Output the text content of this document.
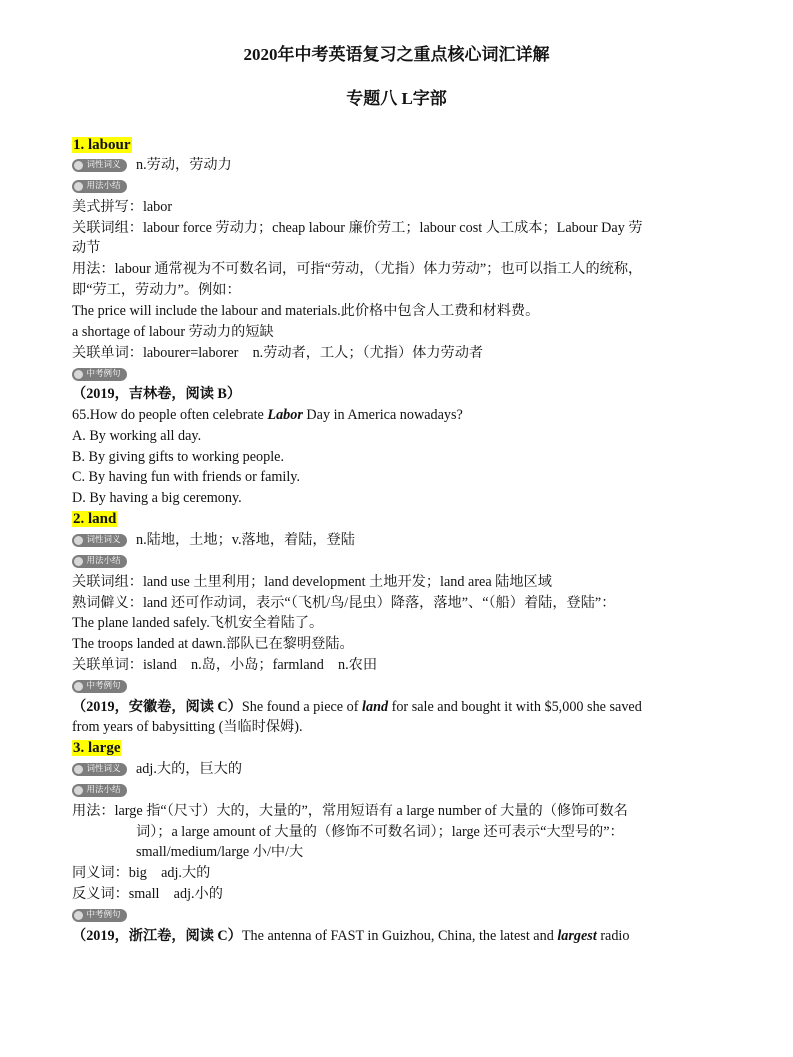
2020年中考英语复习之重点核心词汇详解
专题八 L字部
1. labour
词性词义 n.劳动，劳动力
用法小结
美式拼写：labor
关联词组：labour force 劳动力；cheap labour 廉价劳工；labour cost 人工成本；Labour Day 劳
动节
用法：labour 通常视为不可数名词，可指“劳动，（尤指）体力劳动”；也可以指工人的统称，
即“劳工，劳动力”。例如：
The price will include the labour and materials.此价格中包含人工费和材料费。
a shortage of labour 劳动力的短缺
关联单词：labourer=laborer　n.劳动者，工人；（尤指）体力劳动者
中考例句
（2019，吉林卷，阅读 B）
65.How do people often celebrate Labor Day in America nowadays?
A. By working all day.
B. By giving gifts to working people.
C. By having fun with friends or family.
D. By having a big ceremony.
2. land
词性词义 n.陆地，土地；v.落地，着陆，登陆
用法小结
关联词组：land use 土里利用；land development 土地开发；land area 陆地区域
熟词僻义：land 还可作动词，表示“（飞机/鸟/昆虫）降落，落地”、“（船）着陆，登陆”：
The plane landed safely.飞机安全着陆了。
The troops landed at dawn.部队已在黎明登陆。
关联单词：island　n.岛，小岛；farmland　n.农田
中考例句
（2019，安徽卷，阅读 C）She found a piece of land for sale and bought it with $5,000 she saved
from years of babysitting (当临时保姆).
3. large
词性词义 adj.大的，巨大的
用法小结
用法：large 指“（尺寸）大的，大量的”，常用短语有 a large number of 大量的（修饰可数名
词）；a large amount of 大量的（修饰不可数名词）；large 还可表示“大型号的”：
small/medium/large 小/中/大
同义词：big　adj.大的
反义词：small　adj.小的
中考例句
（2019，浙江卷，阅读 C）The antenna of FAST in Guizhou, China, the latest and largest radio
